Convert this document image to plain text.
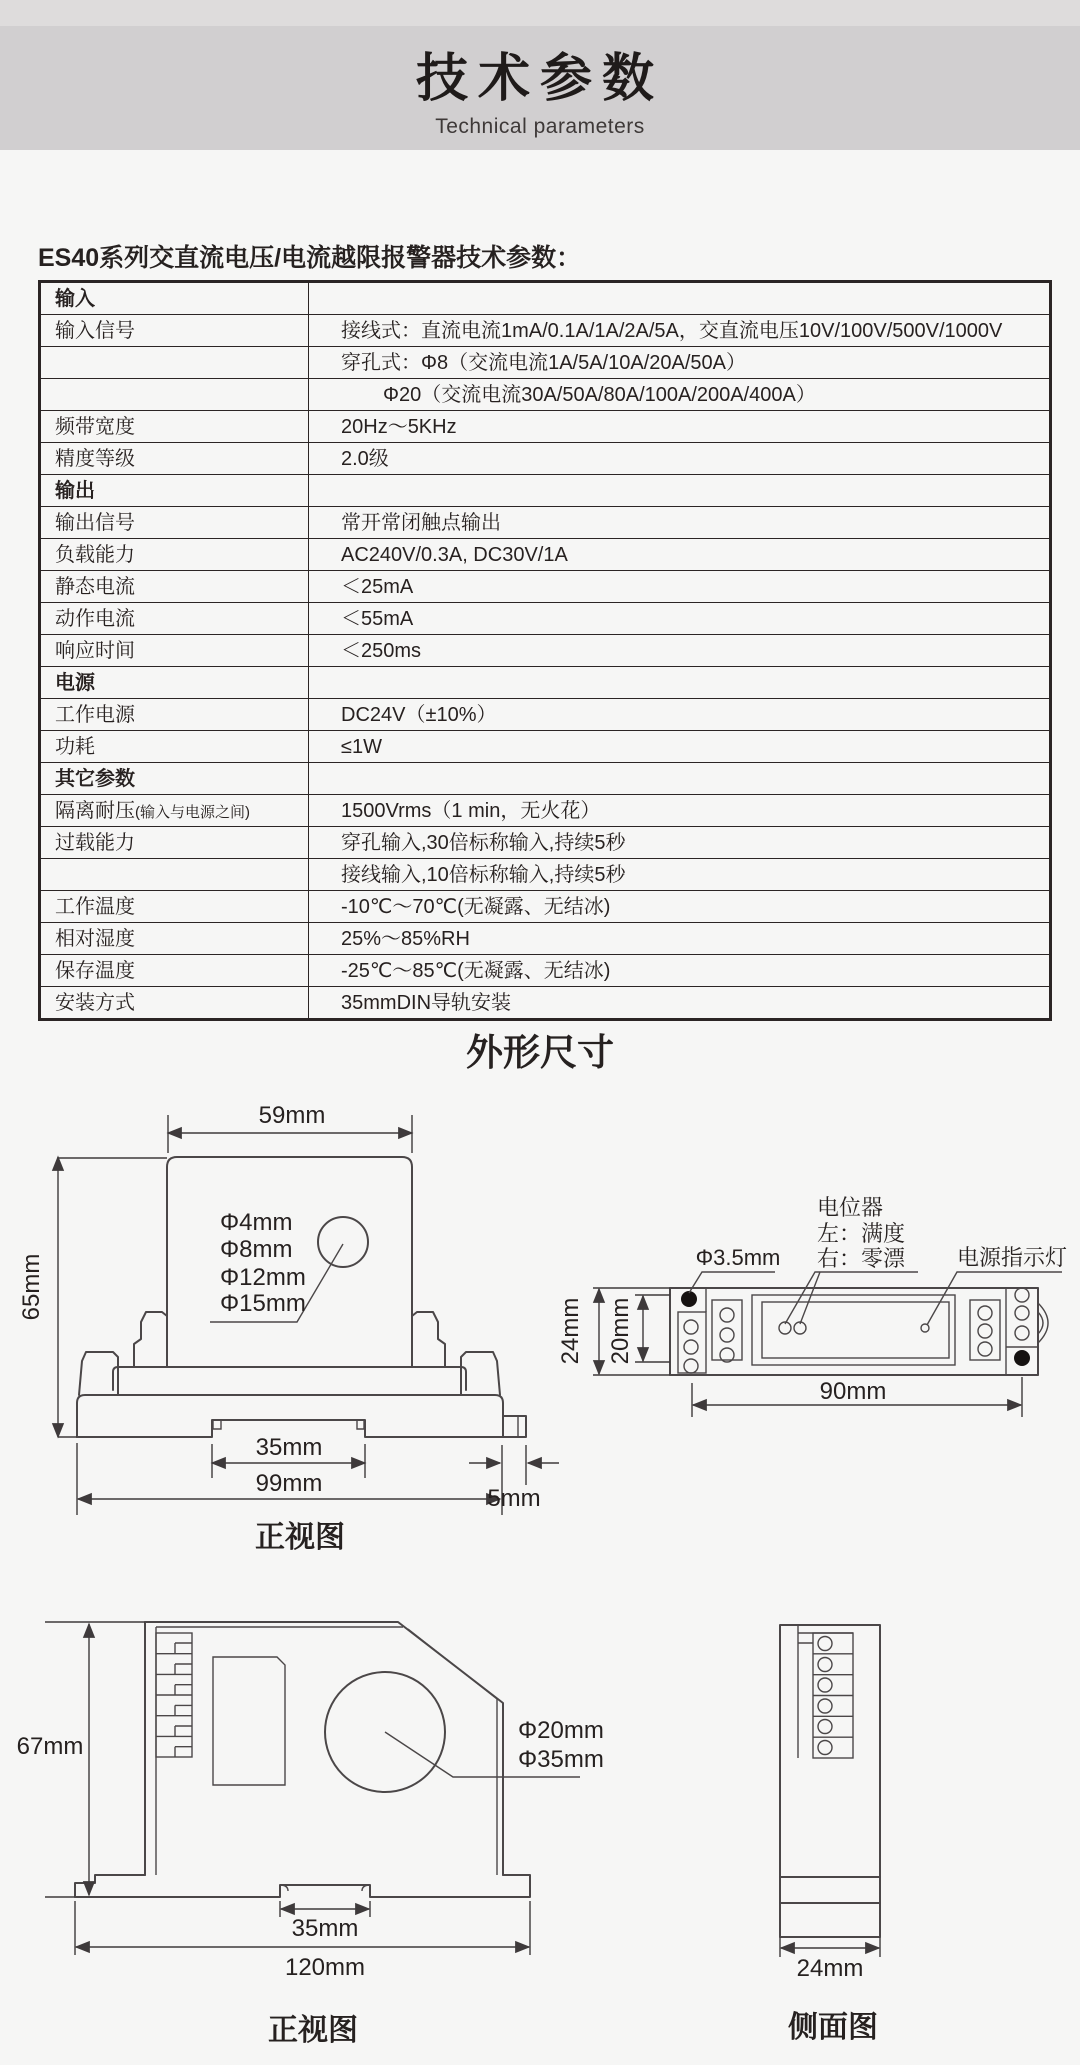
技术参数
Technical parameters
ES40系列交直流电压/电流越限报警器技术参数：
输入	
输入信号	接线式：直流电流1mA/0.1A/1A/2A/5A，交直流电压10V/100V/500V/1000V
	穿孔式：Φ8（交流电流1A/5A/10A/20A/50A）
	Φ20（交流电流30A/50A/80A/100A/200A/400A）
频带宽度	20Hz～5KHz
精度等级	2.0级
输出	
输出信号	常开常闭触点输出
负载能力	AC240V/0.3A, DC30V/1A
静态电流	＜25mA
动作电流	＜55mA
响应时间	＜250ms
电源	
工作电源	DC24V（±10%）
功耗	≤1W
其它参数	
隔离耐压(输入与电源之间)	1500Vrms（1 min，无火花）
过载能力	穿孔输入,30倍标称输入,持续5秒
	接线输入,10倍标称输入,持续5秒
工作温度	-10℃～70℃(无凝露、无结冰)
相对湿度	25%～85%RH
保存温度	-25℃～85℃(无凝露、无结冰)
安装方式	35mmDIN导轨安装
外形尺寸
59mm
65mm
Φ4mm
Φ8mm
Φ12mm
Φ15mm
35mm
99mm
5mm
正视图
Φ3.5mm
电位器
左：满度
右：零漂 电源指示灯
24mm 20mm
90mm
67mm
Φ20mm
Φ35mm
35mm
120mm
正视图
24mm
侧面图
